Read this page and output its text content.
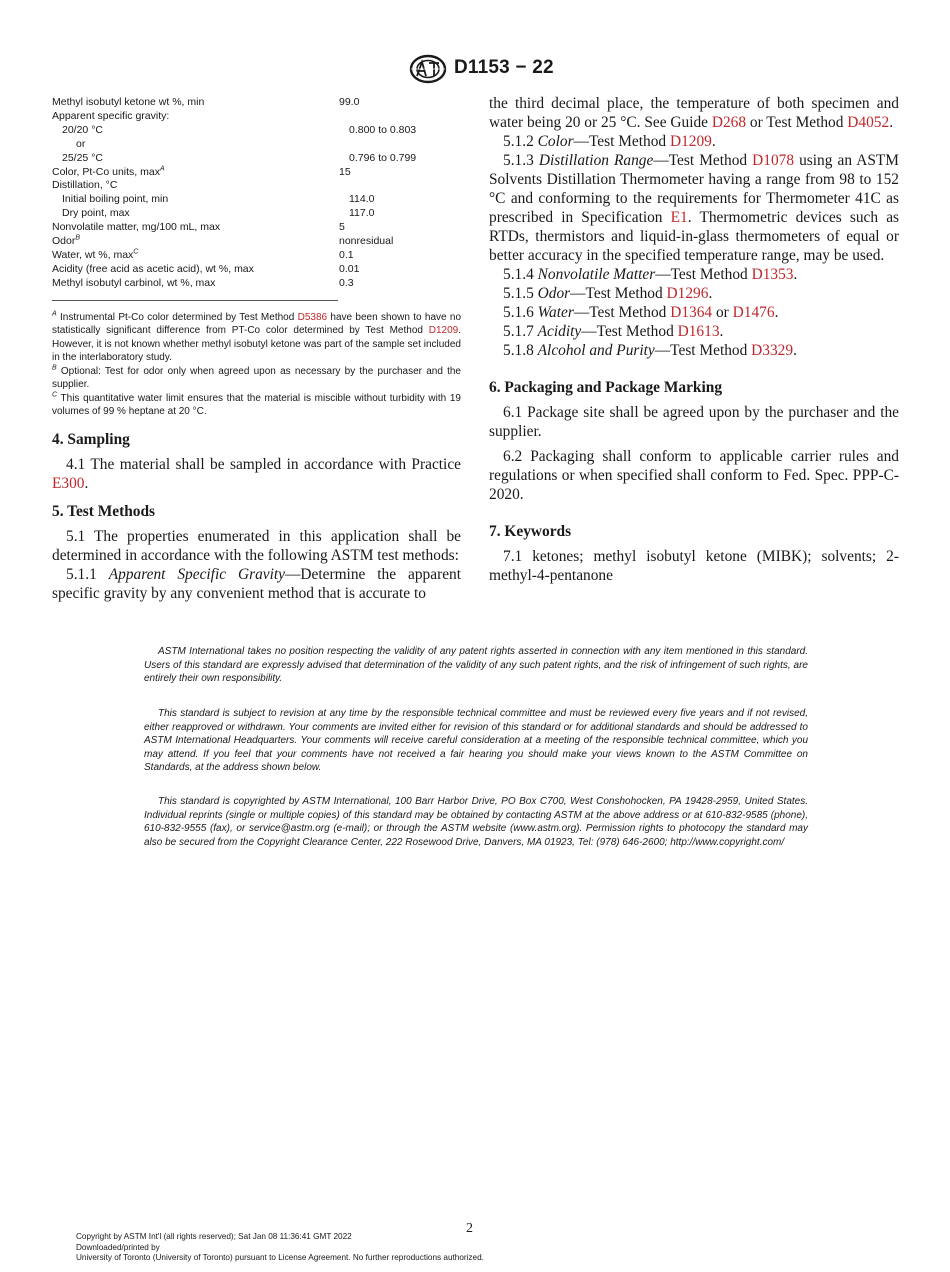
D1153 − 22
Methyl isobutyl ketone wt %, min	99.0
Apparent specific gravity:
20/20 °C	0.800 to 0.803
or
25/25 °C	0.796 to 0.799
Color, Pt-Co units, $\max^A$	15
Distillation, °C
Initial boiling point, min	114.0
Dry point, max	117.0
Nonvolatile matter, mg/100 mL, max	5
Odor$^B$	nonresidual
Water, wt %, $\max^C$	0.1
Acidity (free acid as acetic acid), wt %, max	0.01
Methyl isobutyl carbinol, wt %, max	0.3

$^A$ Instrumental Pt-Co color determined by Test Method D5386 have been shown to have no statistically significant difference from PT-Co color determined by Test Method D1209. However, it is not known whether methyl isobutyl ketone was part of the sample set included in the interlaboratory study.

$^B$ Optional: Test for odor only when agreed upon as necessary by the purchaser and the supplier.

$^C$ This quantitative water limit ensures that the material is miscible without turbidity with 19 volumes of 99 % heptane at 20 °C.

4. Sampling

4.1 The material shall be sampled in accordance with Practice E300.

5. Test Methods

5.1 The properties enumerated in this application shall be determined in accordance with the following ASTM test methods:

5.1.1 Apparent Specific Gravity—Determine the apparent specific gravity by any convenient method that is accurate to

the third decimal place, the temperature of both specimen and water being 20 or 25 °C. See Guide D268 or Test Method D4052.

5.1.2 Color—Test Method D1209.

5.1.3 Distillation Range—Test Method D1078 using an ASTM Solvents Distillation Thermometer having a range from 98 to 152 °C and conforming to the requirements for Thermometer 41C as prescribed in Specification E1. Thermometric devices such as RTDs, thermistors and liquid-in-glass thermometers of equal or better accuracy in the specified temperature range, may be used.

5.1.4 Nonvolatile Matter—Test Method D1353.

5.1.5 Odor—Test Method D1296.

5.1.6 Water—Test Method D1364 or D1476.

5.1.7 Acidity—Test Method D1613.

5.1.8 Alcohol and Purity—Test Method D3329.

6. Packaging and Package Marking

6.1 Package site shall be agreed upon by the purchaser and the supplier.

6.2 Packaging shall conform to applicable carrier rules and regulations or when specified shall conform to Fed. Spec. PPP-C-2020.

7. Keywords

7.1 ketones; methyl isobutyl ketone (MIBK); solvents; 2-methyl-4-pentanone

ASTM International takes no position respecting the validity of any patent rights asserted in connection with any item mentioned in this standard. Users of this standard are expressly advised that determination of the validity of any such patent rights, and the risk of infringement of such rights, are entirely their own responsibility.

This standard is subject to revision at any time by the responsible technical committee and must be reviewed every five years and if not revised, either reapproved or withdrawn. Your comments are invited either for revision of this standard or for additional standards and should be addressed to ASTM International Headquarters. Your comments will receive careful consideration at a meeting of the responsible technical committee, which you may attend. If you feel that your comments have not received a fair hearing you should make your views known to the ASTM Committee on Standards, at the address shown below.

This standard is copyrighted by ASTM International, 100 Barr Harbor Drive, PO Box C700, West Conshohocken, PA 19428-2959, United States. Individual reprints (single or multiple copies) of this standard may be obtained by contacting ASTM at the above address or at 610-832-9585 (phone), 610-832-9555 (fax), or service@astm.org (e-mail); or through the ASTM website (www.astm.org). Permission rights to photocopy the standard may also be secured from the Copyright Clearance Center, 222 Rosewood Drive, Danvers, MA 01923, Tel: (978) 646-2600; http://www.copyright.com/

2
Copyright by ASTM Int'l (all rights reserved); Sat Jan 08 11:36:41 GMT 2022
Downloaded/printed by
University of Toronto (University of Toronto) pursuant to License Agreement. No further reproductions authorized.
